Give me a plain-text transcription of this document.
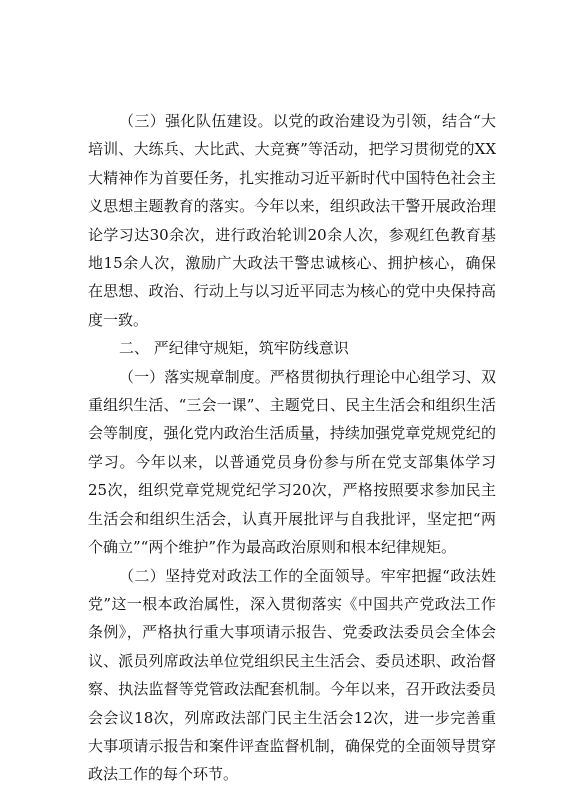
（三）强化队伍建设。以党的政治建设为引领，结合“大培训、大练兵、大比武、大竞赛”等活动，把学习贯彻党的XX大精神作为首要任务，扎实推动习近平新时代中国特色社会主义思想主题教育的落实。今年以来，组织政法干警开展政治理论学习达30余次，进行政治轮训20余人次，参观红色教育基地15余人次，激励广大政法干警忠诚核心、拥护核心，确保在思想、政治、行动上与以习近平同志为核心的党中央保持高度一致。

二、 严纪律守规矩，筑牢防线意识

（一）落实规章制度。严格贯彻执行理论中心组学习、双重组织生活、“三会一课”、主题党日、民主生活会和组织生活会等制度，强化党内政治生活质量，持续加强党章党规党纪的学习。今年以来，以普通党员身份参与所在党支部集体学习25次，组织党章党规党纪学习20次，严格按照要求参加民主生活会和组织生活会，认真开展批评与自我批评，坚定把“两个确立”“两个维护”作为最高政治原则和根本纪律规矩。

（二）坚持党对政法工作的全面领导。牢牢把握“政法姓党”这一根本政治属性，深入贯彻落实《中国共产党政法工作条例》，严格执行重大事项请示报告、党委政法委员会全体会议、派员列席政法单位党组织民主生活会、委员述职、政治督察、执法监督等党管政法配套机制。今年以来，召开政法委员会会议18次，列席政法部门民主生活会12次，进一步完善重大事项请示报告和案件评查监督机制，确保党的全面领导贯穿政法工作的每个环节。
